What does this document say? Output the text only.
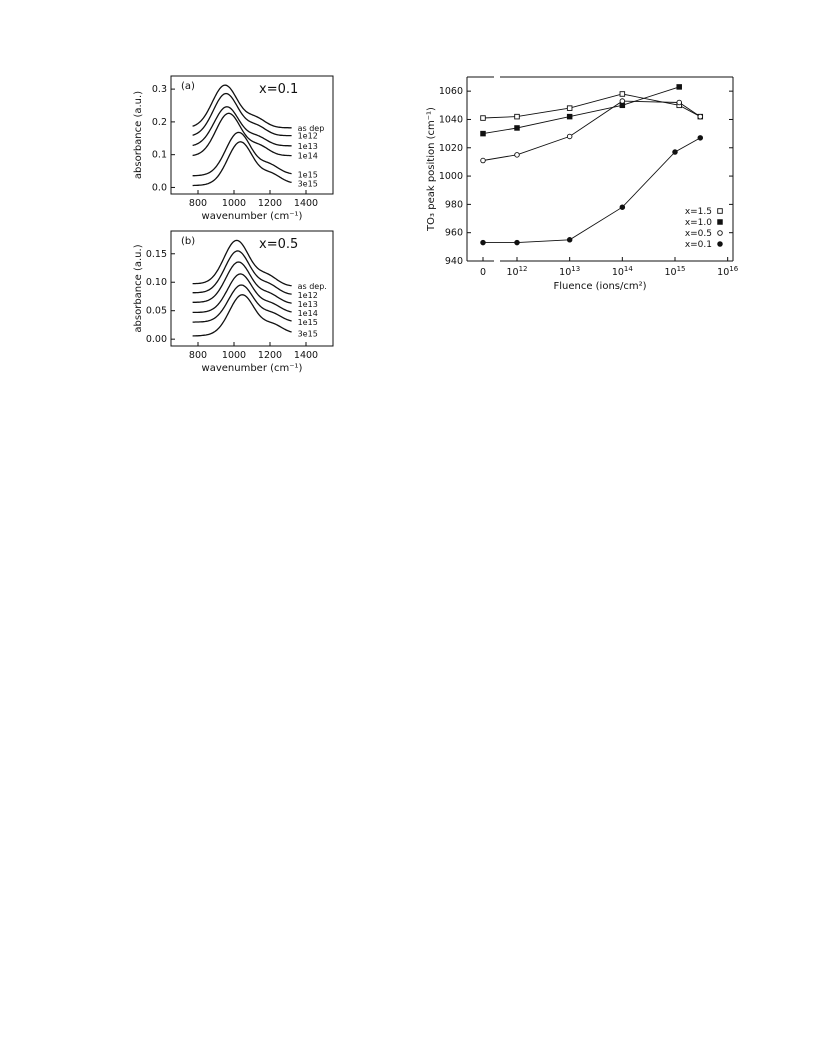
800 1000 1200 1400
0.0
0.1
0.2
0.3
wavenumber (cm⁻¹)
absorbance (a.u.)
(a)	x=0.1
as dep
1e12
1e13
1e14
1e15
3e15
800 1000 1200 1400
0.00
0.05
0.10
0.15
wavenumber (cm⁻¹)
absorbance (a.u.)
(b)	x=0.5
as dep.
1e12
1e13
1e14
1e15
3e15
940
960
980
1000
1020
1040
1060
0 $10^{12}$	$10^{13}$	$10^{14}$	$10^{15}$	$10^{16}$
Fluence (ions/cm²)
TO₃ peak position (cm⁻¹)	x=1.5
x=1.0
x=0.5
x=0.1
